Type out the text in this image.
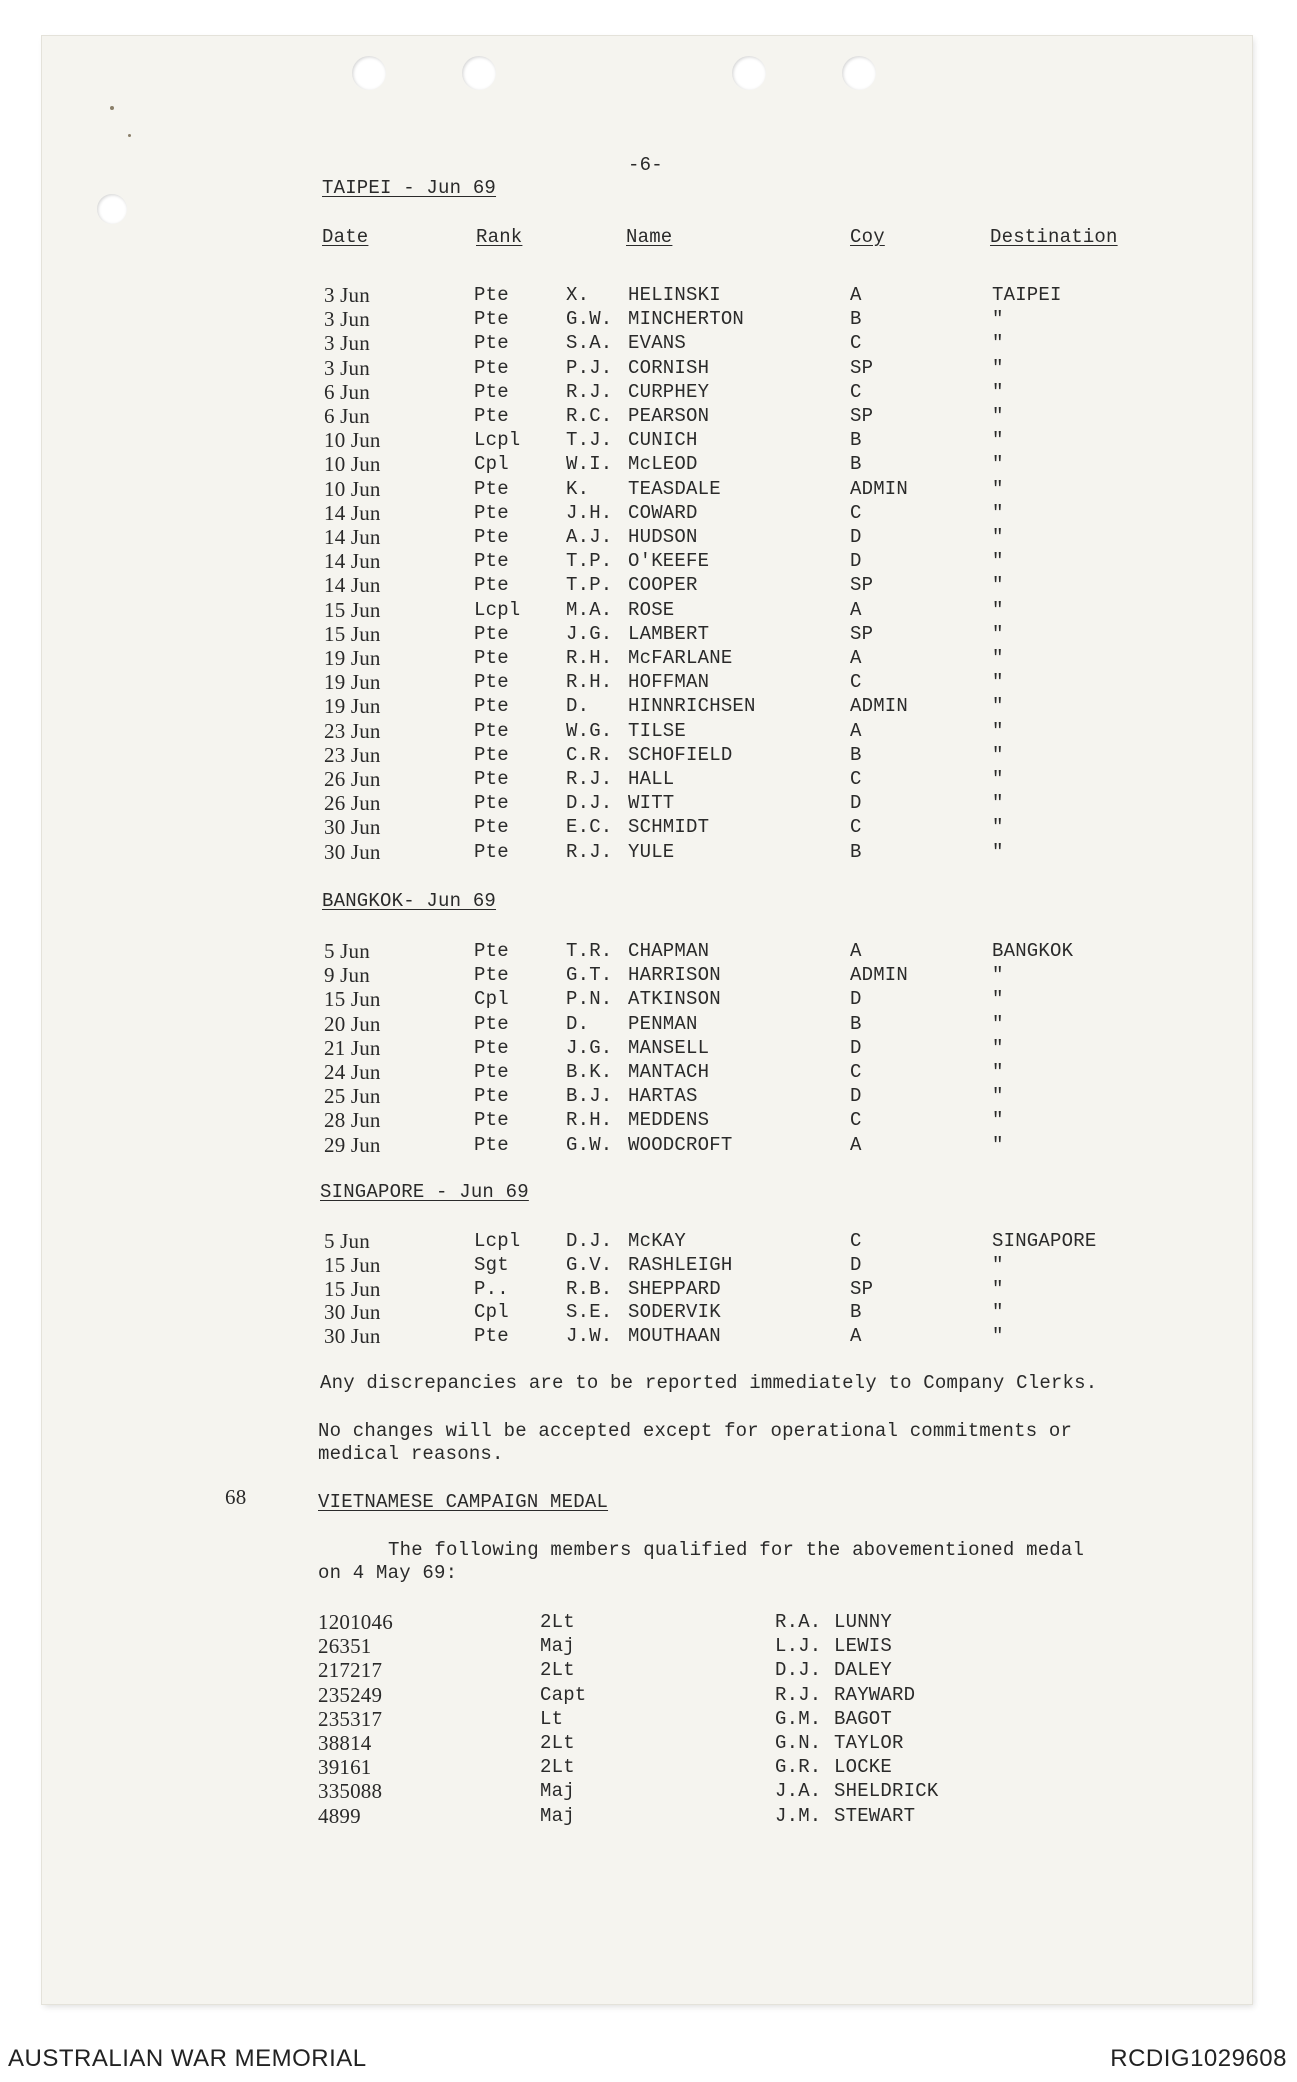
-6-
TAIPEI - Jun 69
Date	Rank	Name	Coy	Destination
3 Jun	Pte	X. HELINSKI	A	TAIPEI
3 Jun	Pte	G.W. MINCHERTON	B	"
3 Jun	Pte	S.A. EVANS	C	"
3 Jun	Pte	P.J. CORNISH	SP	"
6 Jun	Pte	R.J. CURPHEY	C	"
6 Jun	Pte	R.C. PEARSON	SP	"
10 Jun	Lcpl T.J. CUNICH	B	"
10 Jun	Cpl	W.I. McLEOD	B	"
10 Jun	Pte	K. TEASDALE	ADMIN	"
14 Jun	Pte	J.H. COWARD	C	"
14 Jun	Pte	A.J. HUDSON	D	"
14 Jun	Pte	T.P. O'KEEFE	D	"
14 Jun	Pte	T.P. COOPER	SP	"
15 Jun	Lcpl M.A. ROSE	A	"
15 Jun	Pte	J.G. LAMBERT	SP	"
19 Jun	Pte	R.H. McFARLANE	A	"
19 Jun	Pte	R.H. HOFFMAN	C	"
19 Jun	Pte	D. HINNRICHSEN	ADMIN	"
23 Jun	Pte	W.G. TILSE	A	"
23 Jun	Pte	C.R. SCHOFIELD	B	"
26 Jun	Pte	R.J. HALL	C	"
26 Jun	Pte	D.J. WITT	D	"
30 Jun	Pte	E.C. SCHMIDT	C	"
30 Jun	Pte	R.J. YULE	B	"
BANGKOK- Jun 69
5 Jun	Pte	T.R. CHAPMAN	A	BANGKOK
9 Jun	Pte	G.T. HARRISON	ADMIN	"
15 Jun	Cpl	P.N. ATKINSON	D	"
20 Jun	Pte	D. PENMAN	B	"
21 Jun	Pte	J.G. MANSELL	D	"
24 Jun	Pte	B.K. MANTACH	C	"
25 Jun	Pte	B.J. HARTAS	D	"
28 Jun	Pte	R.H. MEDDENS	C	"
29 Jun	Pte	G.W. WOODCROFT	A	"
SINGAPORE - Jun 69
5 Jun	Lcpl D.J. McKAY	C	SINGAPORE
15 Jun	Sgt	G.V. RASHLEIGH	D	"
15 Jun	P..	R.B. SHEPPARD	SP	"
30 Jun	Cpl	S.E. SODERVIK	B	"
30 Jun	Pte	J.W. MOUTHAAN	A	"
Any discrepancies are to be reported immediately to Company Clerks.
No changes will be accepted except for operational commitments or
medical reasons.
68	VIETNAMESE CAMPAIGN MEDAL
The following members qualified for the abovementioned medal
on 4 May 69:
1201046	2Lt	R.A. LUNNY
26351	Maj	L.J. LEWIS
217217	2Lt	D.J. DALEY
235249	Capt	R.J. RAYWARD
235317	Lt	G.M. BAGOT
38814	2Lt	G.N. TAYLOR
39161	2Lt	G.R. LOCKE
335088	Maj	J.A. SHELDRICK
4899	Maj	J.M. STEWART
AUSTRALIAN WAR MEMORIAL	RCDIG1029608
